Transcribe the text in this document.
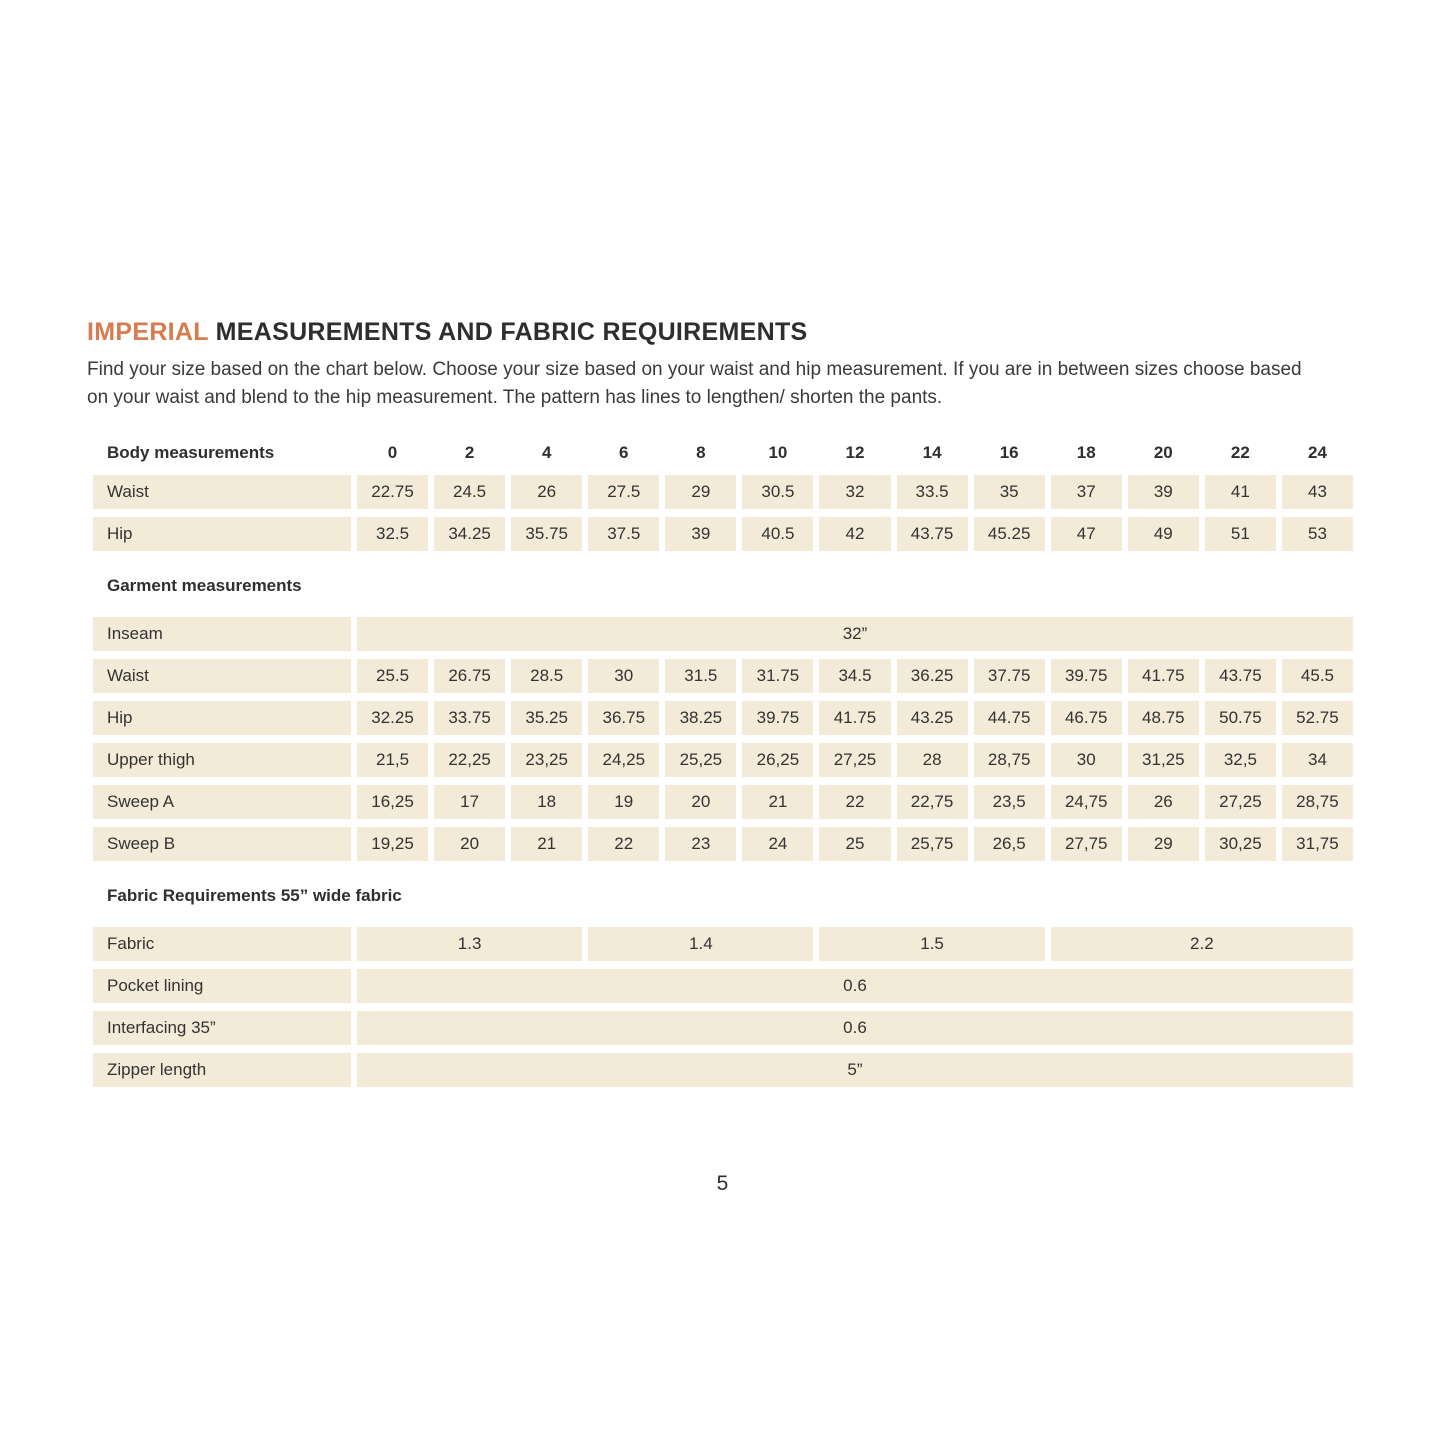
IMPERIAL MEASUREMENTS AND FABRIC REQUIREMENTS

Find your size based on the chart below. Choose your size based on your waist and hip measurement. If you are in between sizes choose based on your waist and blend to the hip measurement. The pattern has lines to lengthen/ shorten the pants.

Body measurements	0	2	4	6	8	10	12	14	16	18	20	22	24
Waist	22.75	24.5	26	27.5	29	30.5	32	33.5	35	37	39	41	43
Hip	32.5	34.25	35.75	37.5	39	40.5	42	43.75	45.25	47	49	51	53
Garment measurements
Inseam	32”
Waist	25.5	26.75	28.5	30	31.5	31.75	34.5	36.25	37.75	39.75	41.75	43.75	45.5
Hip	32.25	33.75	35.25	36.75	38.25	39.75	41.75	43.25	44.75	46.75	48.75	50.75	52.75
Upper thigh	21,5	22,25	23,25	24,25	25,25	26,25	27,25	28	28,75	30	31,25	32,5	34
Sweep A	16,25	17	18	19	20	21	22	22,75	23,5	24,75	26	27,25	28,75
Sweep B	19,25	20	21	22	23	24	25	25,75	26,5	27,75	29	30,25	31,75
Fabric Requirements 55” wide fabric
Fabric	1.3	1.4	1.5	2.2
Pocket lining	0.6
Interfacing 35”	0.6
Zipper length	5”
5
